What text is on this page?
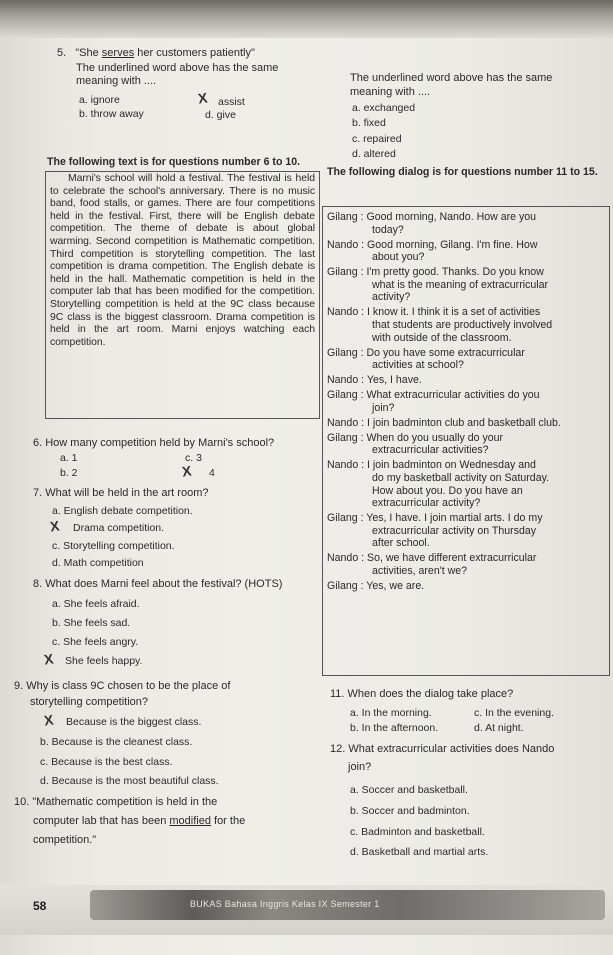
5. "She serves her customers patiently"
The underlined word above has the same
meaning with ....
a. ignore
b. throw away
X assist
d. give
The underlined word above has the same
meaning with ....
a. exchanged
b. fixed
c. repaired
d. altered
The following text is for questions number 6 to 10.

Marni's school will hold a festival. The festival is held to celebrate the school's anniversary. There is no music band, food stalls, or games. There are four competitions held in the festival. First, there will be English debate competition. The theme of debate is about global warming. Second competition is Mathematic competition. Third competition is storytelling competition. The last competition is drama competition. The English debate is held in the hall. Mathematic competition is held in the computer lab that has been modified for the competition. Storytelling competition is held at the 9C class because 9C class is the biggest classroom. Drama competition is held in the art room. Marni enjoys watching each competition.

The following dialog is for questions number 11 to 15.
Gilang : Good morning, Nando. How are you
today?
Nando : Good morning, Gilang. I'm fine. How
about you?
Gilang : I'm pretty good. Thanks. Do you know
what is the meaning of extracurricular
activity?
Nando : I know it. I think it is a set of activities
that students are productively involved
with outside of the classroom.
Gilang : Do you have some extracurricular
activities at school?
Nando : Yes, I have.
Gilang : What extracurricular activities do you
join?
Nando : I join badminton club and basketball club.
Gilang : When do you usually do your
extracurricular activities?
Nando : I join badminton on Wednesday and
do my basketball activity on Saturday.
How about you. Do you have an
extracurricular activity?
Gilang : Yes, I have. I join martial arts. I do my
extracurricular activity on Thursday
after school.
Nando : So, we have different extracurricular
activities, aren't we?
Gilang : Yes, we are.
6. How many competition held by Marni's school?
a. 1
b. 2
c. 3
X 4
7. What will be held in the art room?
a. English debate competition.
X Drama competition.
c. Storytelling competition.
d. Math competition
8. What does Marni feel about the festival? (HOTS)
a. She feels afraid.
b. She feels sad.
c. She feels angry.
X She feels happy.
9. Why is class 9C chosen to be the place of
storytelling competition?
X Because is the biggest class.
b. Because is the cleanest class.
c. Because is the best class.
d. Because is the most beautiful class.
10. "Mathematic competition is held in the
computer lab that has been modified for the
competition."
11. When does the dialog take place?
a. In the morning.	c. In the evening.
b. In the afternoon.	d. At night.
12. What extracurricular activities does Nando
join?
a. Soccer and basketball.
b. Soccer and badminton.
c. Badminton and basketball.
d. Basketball and martial arts.
58	BUKAS Bahasa Inggris Kelas IX Semester 1
